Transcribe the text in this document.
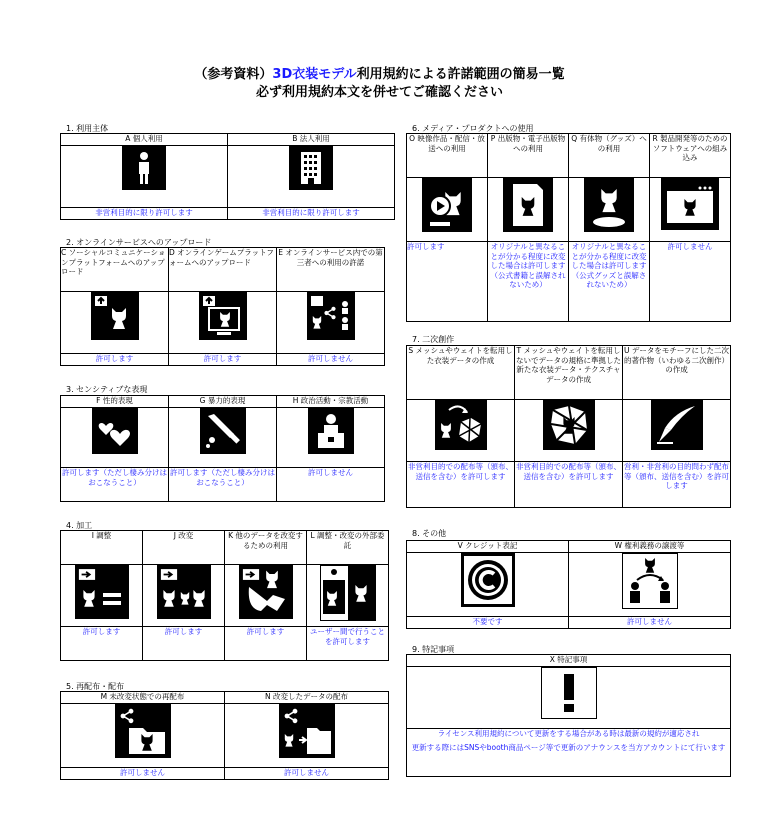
（参考資料）3D衣装モデル利用規約による許諾範囲の簡易一覧
必ず利用規約本文を併せてご確認ください
1. 利用主体
A 個人利用	B 法人利用

非営利目的に限り許可します	非営利目的に限り許可します
2. オンラインサービスへのアップロード
C ソーシャルコミュニケーションプラットフォームへのアップロード	D オンラインゲームプラットフォームへのアップロード	E オンラインサービス内での第三者への利用の許諾

許可します	許可します	許可しません
3. センシティブな表現
F 性的表現	G 暴力的表現	H 政治活動・宗教活動

許可します（ただし棲み分けはおこなうこと）	許可します（ただし棲み分けはおこなうこと）	許可しません
4. 加工
I 調整	J 改変	K 他のデータを改変するための利用	L 調整・改変の外部委託

許可します	許可します	許可します	ユーザー間で行うことを許可します
5. 再配布・配布
M 未改変状態での再配布	N 改変したデータの配布

許可しません	許可しません
6. メディア・プロダクトへの使用
O 映像作品・配信・放送への利用	P 出版物・電子出版物への利用	Q 有体物（グッズ）への利用	R 製品開発等のためのソフトウェアへの組み込み

許可します	オリジナルと異なることが分かる程度に改変した場合は許可します（公式書籍と誤解されないため）	オリジナルと異なることが分かる程度に改変した場合は許可します（公式グッズと誤解されないため）	許可しません
7. 二次創作
S メッシュやウェイトを転用した衣装データの作成	T メッシュやウェイトを転用しないでデータの規格に準拠した新たな衣装データ・テクスチャデータの作成	U データをモチーフにした二次的著作物（いわゆる二次創作）の作成

非営利目的での配布等（頒布、送信を含む）を許可します	非営利目的での配布等（頒布、送信を含む）を許可します	営利・非営利の目的問わず配布等（頒布、送信を含む）を許可します
8. その他
V クレジット表記	W 権利義務の譲渡等

不要です	許可しません
9. 特記事項
X 特記事項

ライセンス利用規約について更新をする場合がある時は最新の規約が適応され
更新する際にはSNSやbooth商品ページ等で更新のアナウンスを当方アカウントにて行います
